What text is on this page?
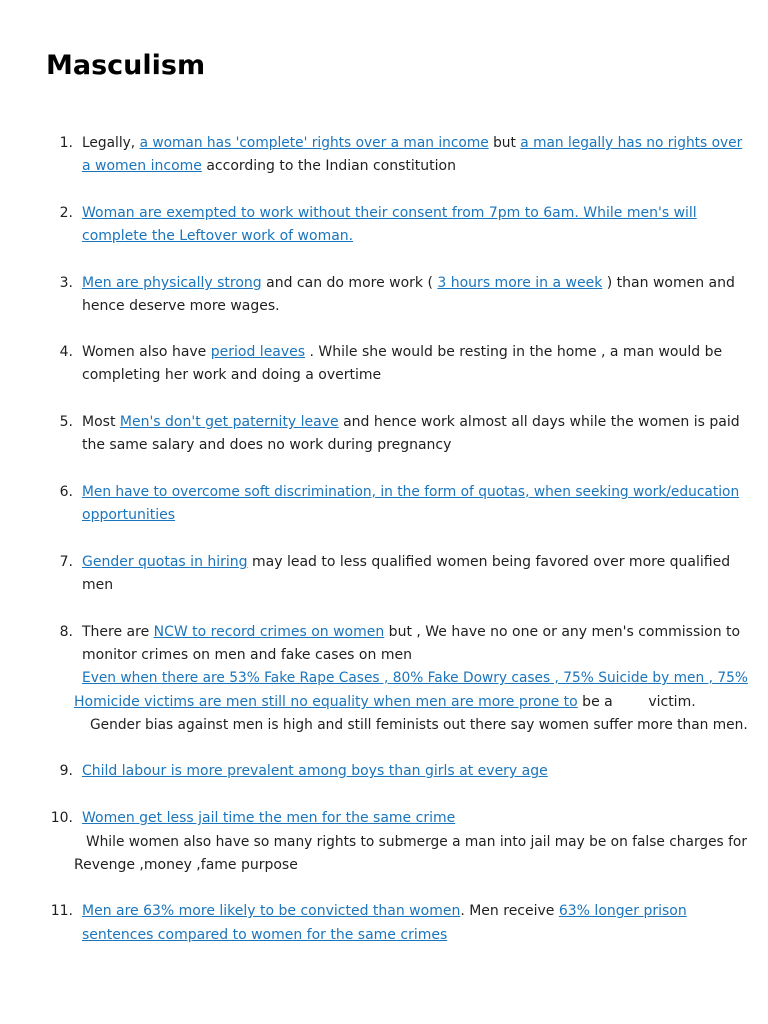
Masculism
1. Legally, a woman has 'complete' rights over a man income but a man legally has no rights over
a women income according to the Indian constitution
2. Woman are exempted to work without their consent from 7pm to 6am. While men's will
complete the Leftover work of woman.
3. Men are physically strong and can do more work ( 3 hours more in a week ) than women and
hence deserve more wages.
4. Women also have period leaves . While she would be resting in the home , a man would be
completing her work and doing a overtime
5. Most Men's don't get paternity leave and hence work almost all days while the women is paid
the same salary and does no work during pregnancy
6. Men have to overcome soft discrimination, in the form of quotas, when seeking work/education
opportunities
7. Gender quotas in hiring may lead to less qualified women being favored over more qualified
men
8. There are NCW to record crimes on women but , We have no one or any men's commission to
monitor crimes on men and fake cases on men
Even when there are 53% Fake Rape Cases , 80% Fake Dowry cases , 75% Suicide by men , 75%
Homicide victims are men still no equality when men are more prone to be a        victim.
Gender bias against men is high and still feminists out there say women suffer more than men.
9. Child labour is more prevalent among boys than girls at every age
10. Women get less jail time the men for the same crime
While women also have so many rights to submerge a man into jail may be on false charges for
Revenge ,money ,fame purpose
11. Men are 63% more likely to be convicted than women. Men receive 63% longer prison
sentences compared to women for the same crimes
